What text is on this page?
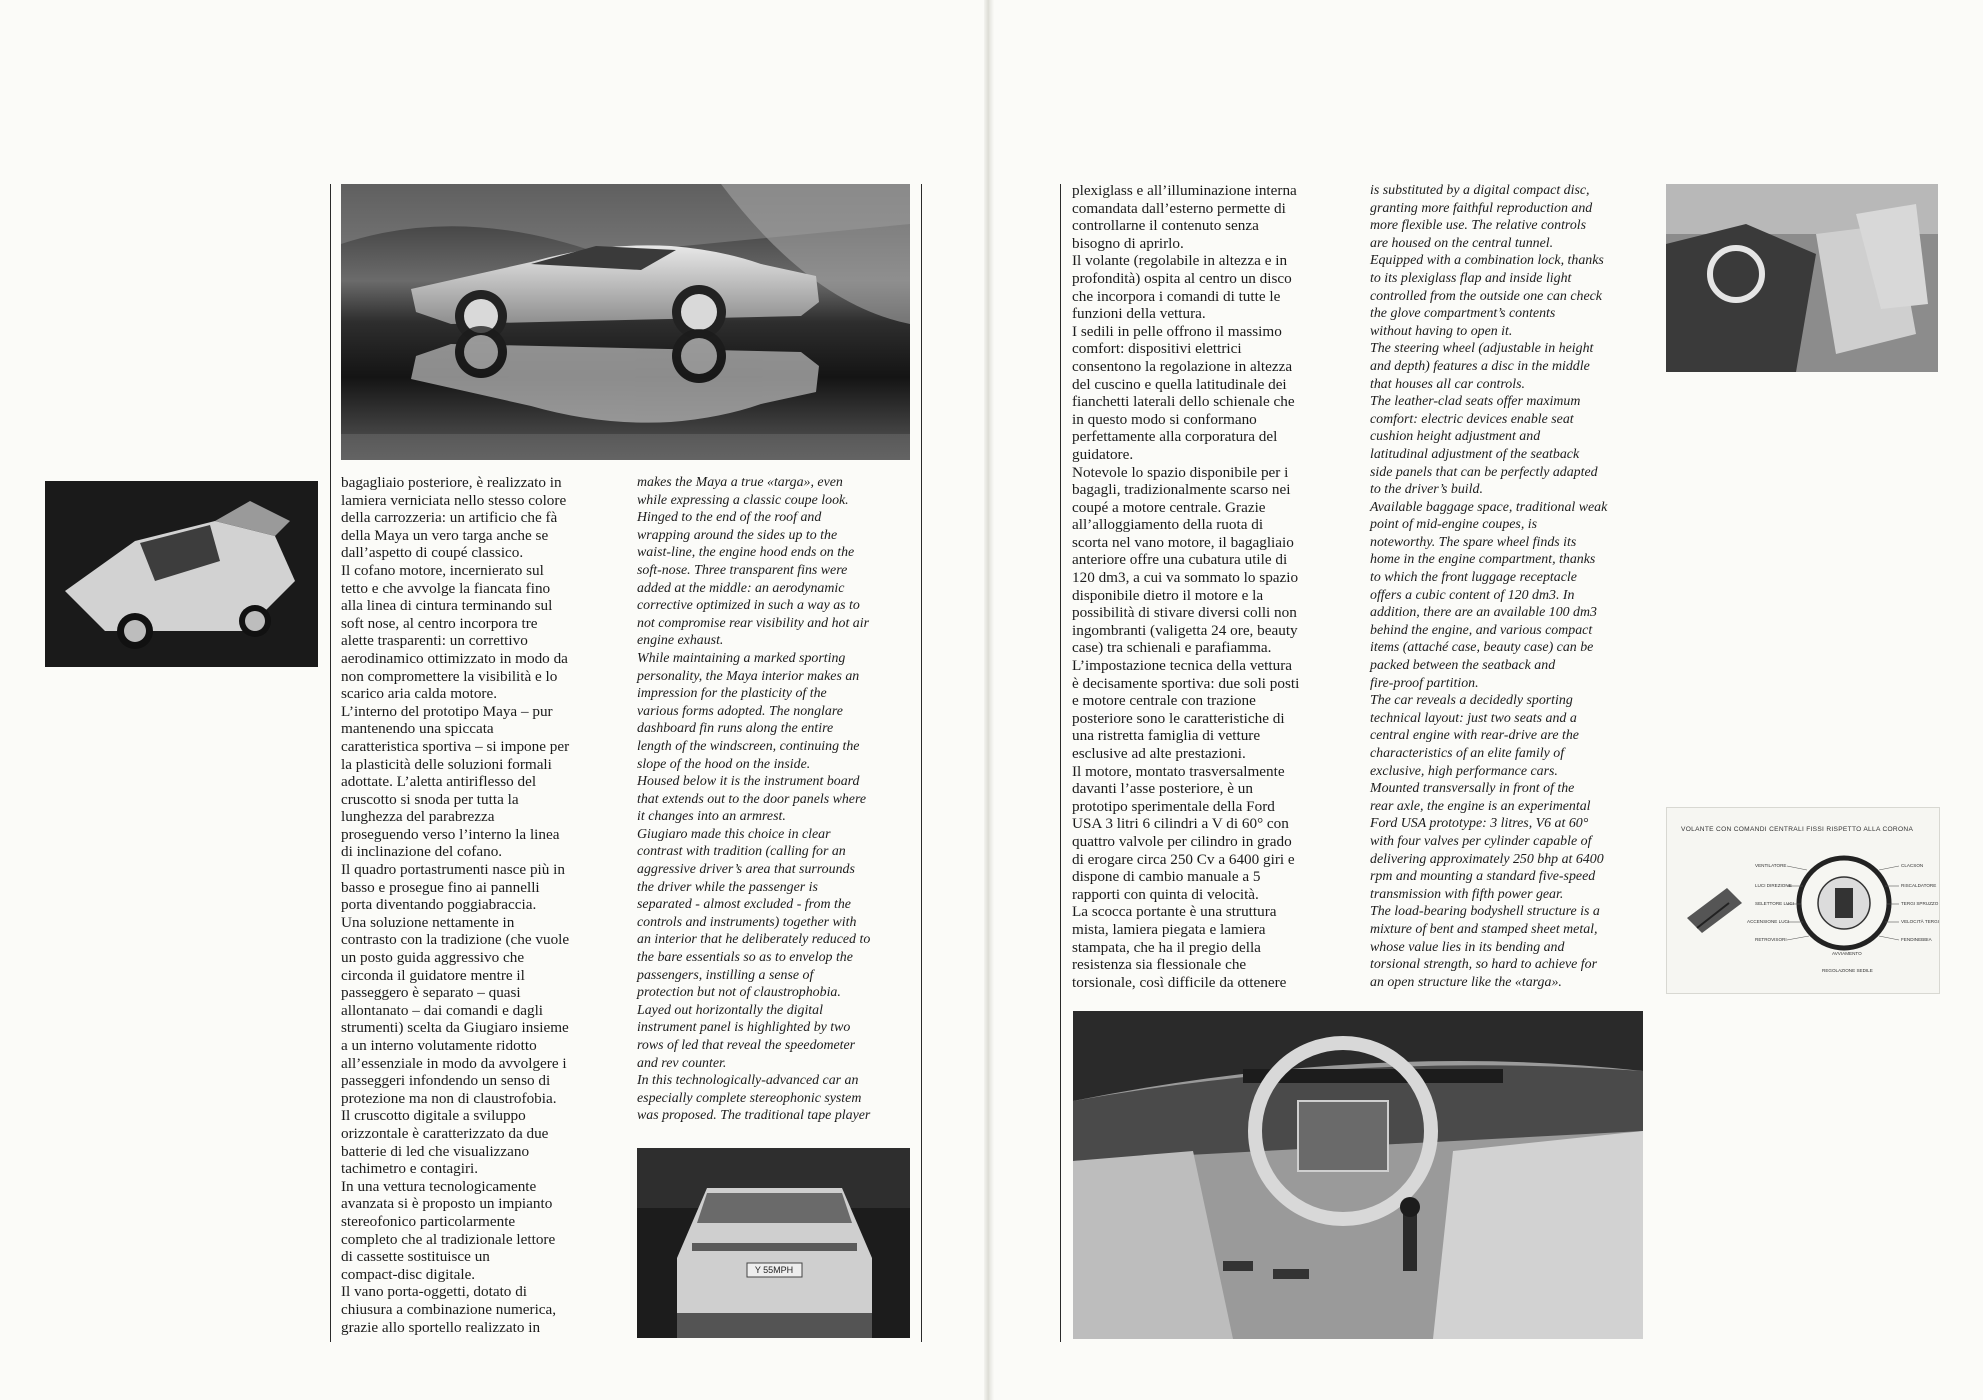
bagagliaio posteriore, è realizzato in
lamiera verniciata nello stesso colore
della carrozzeria: un artificio che fà
della Maya un vero targa anche se
dall’aspetto di coupé classico.
Il cofano motore, incernierato sul
tetto e che avvolge la fiancata fino
alla linea di cintura terminando sul
soft nose, al centro incorpora tre
alette trasparenti: un correttivo
aerodinamico ottimizzato in modo da
non compromettere la visibilità e lo
scarico aria calda motore.
L’interno del prototipo Maya – pur
mantenendo una spiccata
caratteristica sportiva – si impone per
la plasticità delle soluzioni formali
adottate. L’aletta antiriflesso del
cruscotto si snoda per tutta la
lunghezza del parabrezza
proseguendo verso l’interno la linea
di inclinazione del cofano.
Il quadro portastrumenti nasce più in
basso e prosegue fino ai pannelli
porta diventando poggiabraccia.
Una soluzione nettamente in
contrasto con la tradizione (che vuole
un posto guida aggressivo che
circonda il guidatore mentre il
passeggero è separato – quasi
allontanato – dai comandi e dagli
strumenti) scelta da Giugiaro insieme
a un interno volutamente ridotto
all’essenziale in modo da avvolgere i
passeggeri infondendo un senso di
protezione ma non di claustrofobia.
Il cruscotto digitale a sviluppo
orizzontale è caratterizzato da due
batterie di led che visualizzano
tachimetro e contagiri.
In una vettura tecnologicamente
avanzata si è proposto un impianto
stereofonico particolarmente
completo che al tradizionale lettore
di cassette sostituisce un
compact-disc digitale.
Il vano porta-oggetti, dotato di
chiusura a combinazione numerica,
grazie allo sportello realizzato in
makes the Maya a true «targa», even
while expressing a classic coupe look.
Hinged to the end of the roof and
wrapping around the sides up to the
waist-line, the engine hood ends on the
soft-nose. Three transparent fins were
added at the middle: an aerodynamic
corrective optimized in such a way as to
not compromise rear visibility and hot air
engine exhaust.
While maintaining a marked sporting
personality, the Maya interior makes an
impression for the plasticity of the
various forms adopted. The nonglare
dashboard fin runs along the entire
length of the windscreen, continuing the
slope of the hood on the inside.
Housed below it is the instrument board
that extends out to the door panels where
it changes into an armrest.
Giugiaro made this choice in clear
contrast with tradition (calling for an
aggressive driver’s area that surrounds
the driver while the passenger is
separated - almost excluded - from the
controls and instruments) together with
an interior that he deliberately reduced to
the bare essentials so as to envelop the
passengers, instilling a sense of
protection but not of claustrophobia.
Layed out horizontally the digital
instrument panel is highlighted by two
rows of led that reveal the speedometer
and rev counter.
In this technologically-advanced car an
especially complete stereophonic system
was proposed. The traditional tape player
Y 55MPH
plexiglass e all’illuminazione interna
comandata dall’esterno permette di
controllarne il contenuto senza
bisogno di aprirlo.
Il volante (regolabile in altezza e in
profondità) ospita al centro un disco
che incorpora i comandi di tutte le
funzioni della vettura.
I sedili in pelle offrono il massimo
comfort: dispositivi elettrici
consentono la regolazione in altezza
del cuscino e quella latitudinale dei
fianchetti laterali dello schienale che
in questo modo si conformano
perfettamente alla corporatura del
guidatore.
Notevole lo spazio disponibile per i
bagagli, tradizionalmente scarso nei
coupé a motore centrale. Grazie
all’alloggiamento della ruota di
scorta nel vano motore, il bagagliaio
anteriore offre una cubatura utile di
120 dm3, a cui va sommato lo spazio
disponibile dietro il motore e la
possibilità di stivare diversi colli non
ingombranti (valigetta 24 ore, beauty
case) tra schienali e parafiamma.
L’impostazione tecnica della vettura
è decisamente sportiva: due soli posti
e motore centrale con trazione
posteriore sono le caratteristiche di
una ristretta famiglia di vetture
esclusive ad alte prestazioni.
Il motore, montato trasversalmente
davanti l’asse posteriore, è un
prototipo sperimentale della Ford
USA 3 litri 6 cilindri a V di 60° con
quattro valvole per cilindro in grado
di erogare circa 250 Cv a 6400 giri e
dispone di cambio manuale a 5
rapporti con quinta di velocità.
La scocca portante è una struttura
mista, lamiera piegata e lamiera
stampata, che ha il pregio della
resistenza sia flessionale che
torsionale, così difficile da ottenere
is substituted by a digital compact disc,
granting more faithful reproduction and
more flexible use. The relative controls
are housed on the central tunnel.
Equipped with a combination lock, thanks
to its plexiglass flap and inside light
controlled from the outside one can check
the glove compartment’s contents
without having to open it.
The steering wheel (adjustable in height
and depth) features a disc in the middle
that houses all car controls.
The leather-clad seats offer maximum
comfort: electric devices enable seat
cushion height adjustment and
latitudinal adjustment of the seatback
side panels that can be perfectly adapted
to the driver’s build.
Available baggage space, traditional weak
point of mid-engine coupes, is
noteworthy. The spare wheel finds its
home in the engine compartment, thanks
to which the front luggage receptacle
offers a cubic content of 120 dm3. In
addition, there are an available 100 dm3
behind the engine, and various compact
items (attaché case, beauty case) can be
packed between the seatback and
fire-proof partition.
The car reveals a decidedly sporting
technical layout: just two seats and a
central engine with rear-drive are the
characteristics of an elite family of
exclusive, high performance cars.
Mounted transversally in front of the
rear axle, the engine is an experimental
Ford USA prototype: 3 litres, V6 at 60°
with four valves per cylinder capable of
delivering approximately 250 bhp at 6400
rpm and mounting a standard five-speed
transmission with fifth power gear.
The load-bearing bodyshell structure is a
mixture of bent and stamped sheet metal,
whose value lies in its bending and
torsional strength, so hard to achieve for
an open structure like the «targa».
VOLANTE CON COMANDI CENTRALI FISSI RISPETTO ALLA CORONA
VENTILATORE
LUCI DIREZIONE
SELETTORE LUCI
ACCENSIONE LUCI
RETROVISORI
CLACSON
RISCALDATORE
TERGI SPRUZZO
VELOCITÀ TERGI
FENDINEBBIA
AVVIAMENTO
REGOLAZIONE SEDILE
